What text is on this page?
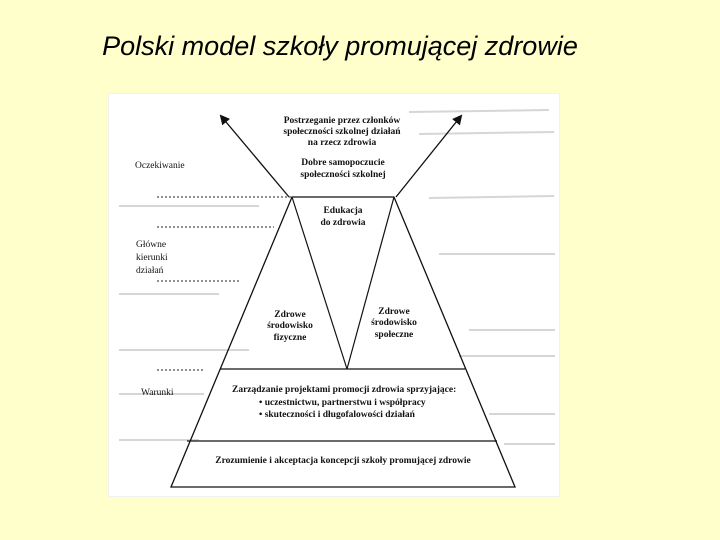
Polski model szkoły promującej zdrowie
Oczekiwanie
Główne
kierunki
działań
Warunki
Postrzeganie przez członków
społeczności szkolnej działań
na rzecz zdrowia
Dobre samopoczucie
społeczności szkolnej
Edukacja
do zdrowia
Zdrowe
środowisko
fizyczne
Zdrowe
środowisko
społeczne
Zarządzanie projektami promocji zdrowia sprzyjające:
• uczestnictwu, partnerstwu i współpracy
• skuteczności i długofalowości działań
Zrozumienie i akceptacja koncepcji szkoły promującej zdrowie
